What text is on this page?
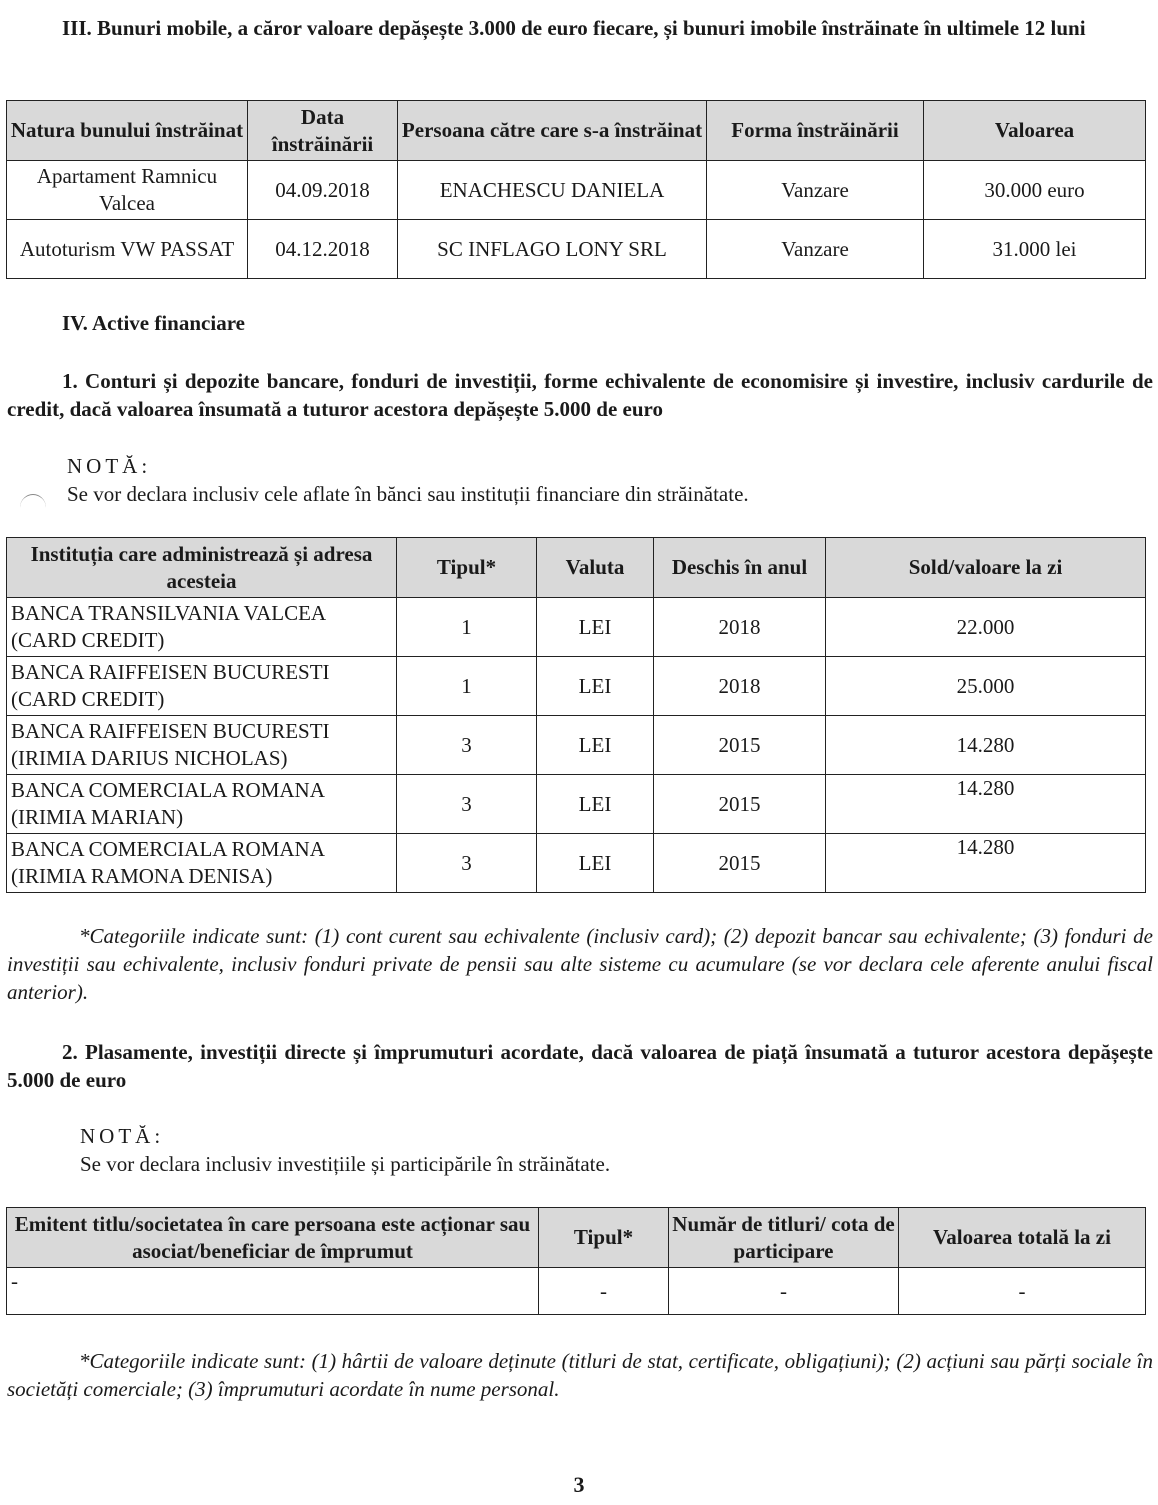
III. Bunuri mobile, a căror valoare depășește 3.000 de euro fiecare, și bunuri imobile înstrăinate în ultimele 12 luni
Natura bunului înstrăinat	Data înstrăinării	Persoana către care s-a înstrăinat	Forma înstrăinării	Valoarea
Apartament Ramnicu Valcea	04.09.2018	ENACHESCU DANIELA	Vanzare	30.000 euro
Autoturism VW PASSAT	04.12.2018	SC INFLAGO LONY SRL	Vanzare	31.000 lei
IV. Active financiare
1. Conturi și depozite bancare, fonduri de investiții, forme echivalente de economisire și investire, inclusiv cardurile de credit, dacă valoarea însumată a tuturor acestora depășește 5.000 de euro
NOTĂ:
Se vor declara inclusiv cele aflate în bănci sau instituții financiare din străinătate.
Instituția care administrează și adresa acesteia	Tipul*	Valuta	Deschis în anul	Sold/valoare la zi
BANCA TRANSILVANIA VALCEA (CARD CREDIT)	1	LEI	2018	22.000
BANCA RAIFFEISEN BUCURESTI (CARD CREDIT)	1	LEI	2018	25.000
BANCA RAIFFEISEN BUCURESTI (IRIMIA DARIUS NICHOLAS)	3	LEI	2015	14.280
BANCA COMERCIALA ROMANA (IRIMIA MARIAN)	3	LEI	2015	14.280
BANCA COMERCIALA ROMANA (IRIMIA RAMONA DENISA)	3	LEI	2015	14.280
*Categoriile indicate sunt: (1) cont curent sau echivalente (inclusiv card); (2) depozit bancar sau echivalente; (3) fonduri de investiții sau echivalente, inclusiv fonduri private de pensii sau alte sisteme cu acumulare (se vor declara cele aferente anului fiscal anterior).
2. Plasamente, investiții directe și împrumuturi acordate, dacă valoarea de piață însumată a tuturor acestora depășește 5.000 de euro
NOTĂ:
Se vor declara inclusiv investițiile și participările în străinătate.
Emitent titlu/societatea în care persoana este acționar sau asociat/beneficiar de împrumut	Tipul*	Număr de titluri/ cota de participare	Valoarea totală la zi
-	-	-	-
*Categoriile indicate sunt: (1) hârtii de valoare deținute (titluri de stat, certificate, obligațiuni); (2) acțiuni sau părți sociale în societăți comerciale; (3) împrumuturi acordate în nume personal.
3
